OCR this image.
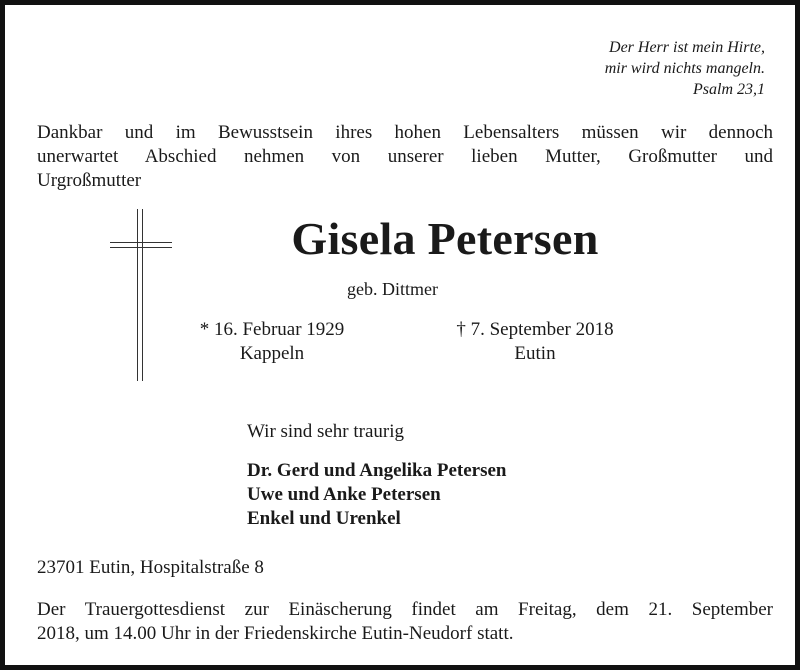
Der Herr ist mein Hirte,
mir wird nichts mangeln.
Psalm 23,1
Dankbar und im Bewusstsein ihres hohen Lebensalters müssen wir dennoch
unerwartet Abschied nehmen von unserer lieben Mutter, Großmutter und
Urgroßmutter
Gisela Petersen
geb. Dittmer
* 16. Februar 1929
Kappeln
† 7. September 2018
Eutin
Wir sind sehr traurig
Dr. Gerd und Angelika Petersen
Uwe und Anke Petersen
Enkel und Urenkel
23701 Eutin, Hospitalstraße 8
Der Trauergottesdienst zur Einäscherung findet am Freitag, dem 21. September
2018, um 14.00 Uhr in der Friedenskirche Eutin-Neudorf statt.
